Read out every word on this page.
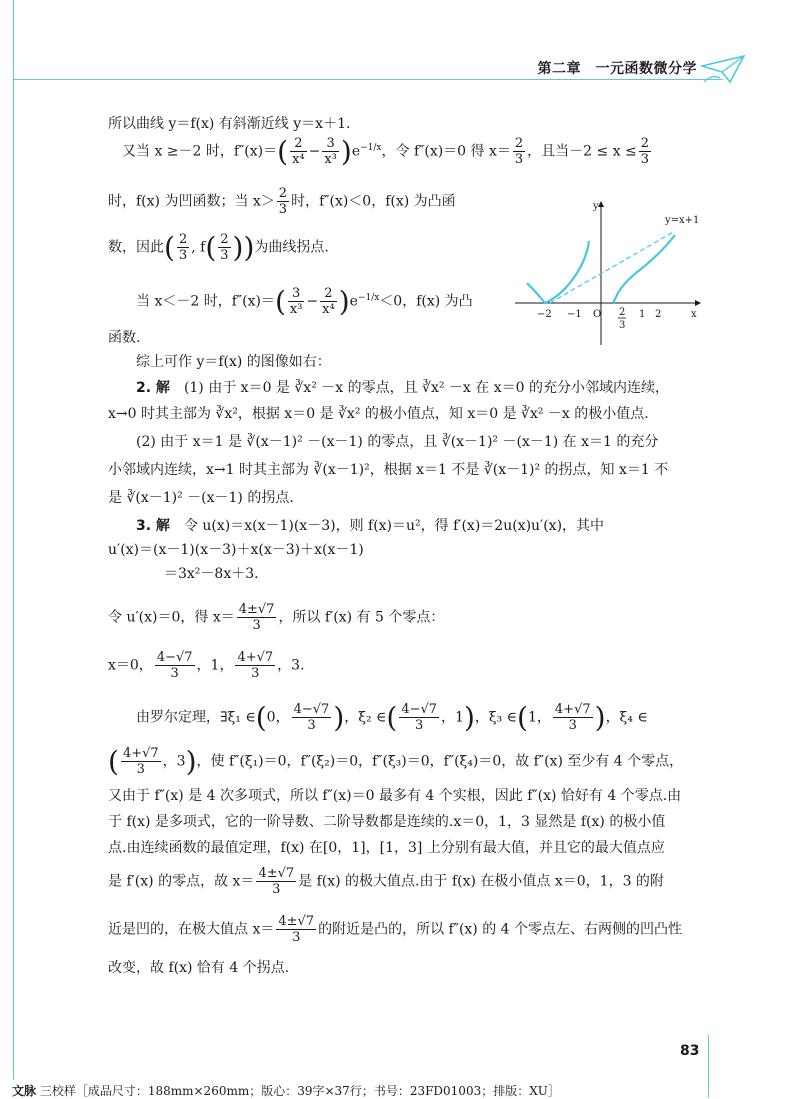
第二章　一元函数微分学
所以曲线 y＝f(x) 有斜渐近线 y＝x＋1.
又当 x ≥－2 时，$f''(x)=( \frac{2}{\text{x⁴}} - \frac{3}{\text{x³}} )e^{-1/x}$，令 f″(x)＝0 得 $x= \frac{2}{3}$ ，且当$-2 \le x \le \frac{2}{3}$
时，f(x) 为凹函数；当 $x> \frac{2}{3}$ 时，f″(x)＜0，f(x) 为凸函
数，因此( $\frac{2}{3}$ , $f( \frac{2}{3}$ ))为曲线拐点.
当 x＜－2 时，$f''(x)=( \frac{3}{\text{x³}} - \frac{2}{\text{x⁴}} )e^{-1/x}<0$，f(x) 为凸
函数.
综上可作 y＝f(x) 的图像如右：
2. 解　 (1) 由于 x＝0 是 ∛x² －x 的零点，且 ∛x² －x 在 x＝0 的充分小邻域内连续，
x→0 时其主部为 ∛x²，根据 x＝0 是 ∛x² 的极小值点，知 x＝0 是 ∛x² －x 的极小值点.
(2) 由于 x＝1 是 ∛(x－1)² －(x－1) 的零点，且 ∛(x－1)² －(x－1) 在 x＝1 的充分
小邻域内连续，x→1 时其主部为 ∛(x－1)²，根据 x＝1 不是 ∛(x－1)² 的拐点，知 x＝1 不
是 ∛(x－1)² －(x－1) 的拐点.
3. 解　 令 u(x)＝x(x－1)(x－3)，则 f(x)＝u²，得 f′(x)＝2u(x)u′(x)，其中
u′(x)＝(x－1)(x－3)＋x(x－3)＋x(x－1)
＝3x²－8x＋3.
令 u′(x)＝0，得 $x= \frac{4\pm√7}{3}$ ，所以 f′(x) 有 5 个零点：
x＝0， $\frac{4-√7}{3}$ ，1， $\frac{4+√7}{3}$ ，3.
由罗尔定理，∃ξ₁ ∈(0， $\frac{4-√7}{3}$ )，ξ₂ ∈( $\frac{4-√7}{3}$ ，1)，ξ₃ ∈(1， $\frac{4+√7}{3}$ )，ξ₄ ∈
( $\frac{4+√7}{3}$ ，3)，使 f″(ξ₁)＝0，f″(ξ₂)＝0，f″(ξ₃)＝0，f″(ξ₄)＝0，故 f″(x) 至少有 4 个零点，
又由于 f″(x) 是 4 次多项式，所以 f″(x)＝0 最多有 4 个实根，因此 f″(x) 恰好有 4 个零点.由
于 f(x) 是多项式，它的一阶导数、二阶导数都是连续的.x＝0，1，3 显然是 f(x) 的极小值
点.由连续函数的最值定理，f(x) 在[0，1]，[1，3] 上分别有最大值，并且它的最大值点应
是 f′(x) 的零点，故 $x= \frac{4\pm√7}{3}$ 是 f(x) 的极大值点.由于 f(x) 在极小值点 x＝0，1，3 的附
近是凹的，在极大值点 $x= \frac{4\pm√7}{3}$ 的附近是凸的，所以 f″(x) 的 4 个零点左、右两侧的凹凸性
改变，故 f(x) 恰有 4 个拐点.
y
x
y=x+1
−2 −1 O 2
3
1 2
83
文脉 三校样［成品尺寸：188mm×260mm；版心：39字×37行；书号：23FD01003；排版：XU］
